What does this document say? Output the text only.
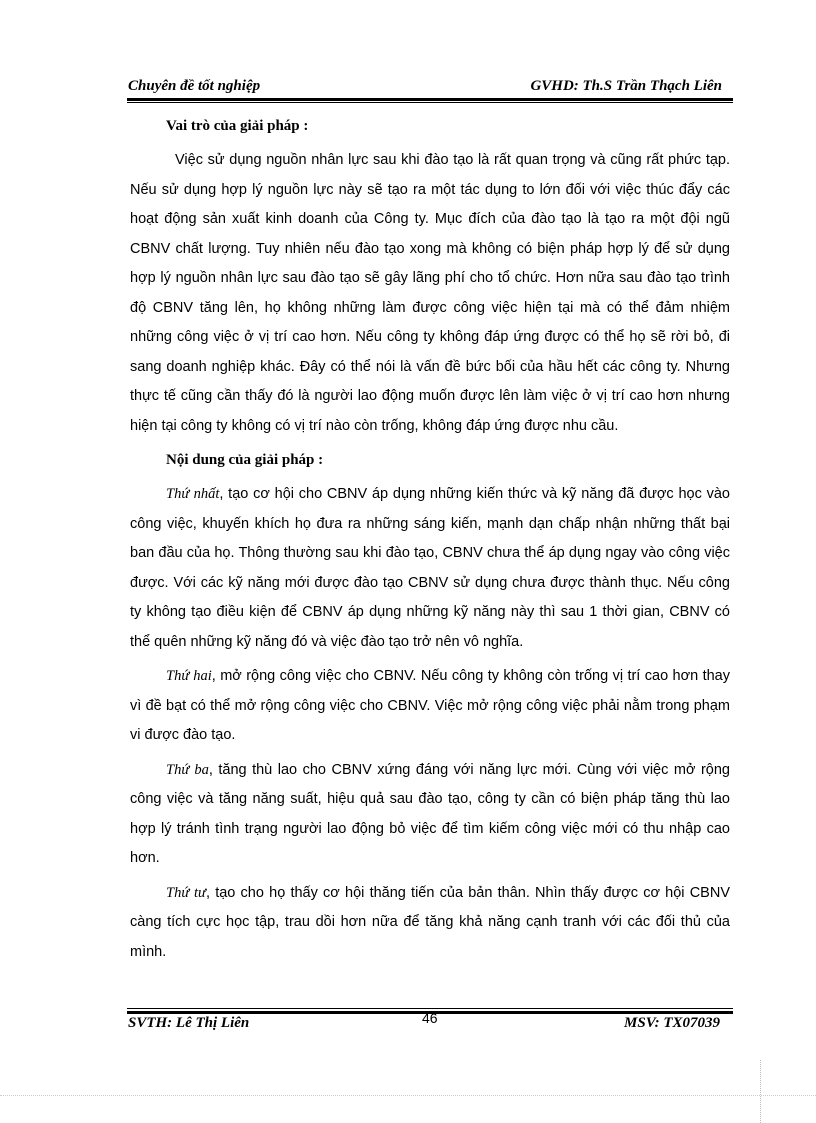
Chuyên đề tốt nghiệp	GVHD: Th.S Trần Thạch Liên
Vai trò của giải pháp :

Việc sử dụng nguồn nhân lực sau khi đào tạo là rất quan trọng và cũng rất phức tạp. Nếu sử dụng hợp lý nguồn lực này sẽ tạo ra một tác dụng to lớn đối với việc thúc đẩy các hoạt động sản xuất kinh doanh của Công ty. Mục đích của đào tạo là tạo ra một đội ngũ CBNV chất lượng. Tuy nhiên nếu đào tạo xong mà không có biện pháp hợp lý để sử dụng hợp lý nguồn nhân lực sau đào tạo sẽ gây lãng phí cho tổ chức. Hơn nữa sau đào tạo trình độ CBNV tăng lên, họ không những làm được công việc hiện tại mà có thể đảm nhiệm những công việc ở vị trí cao hơn. Nếu công ty không đáp ứng được có thể họ sẽ rời bỏ, đi sang doanh nghiệp khác. Đây có thể nói là vấn đề bức bối của hầu hết các công ty. Nhưng thực tế cũng cần thấy đó là người lao động muốn được lên làm việc ở vị trí cao hơn nhưng hiện tại công ty không có vị trí nào còn trống, không đáp ứng được nhu cầu.

Nội dung của giải pháp :

Thứ nhất, tạo cơ hội cho CBNV áp dụng những kiến thức và kỹ năng đã được học vào công việc, khuyến khích họ đưa ra những sáng kiến, mạnh dạn chấp nhận những thất bại ban đầu của họ. Thông thường sau khi đào tạo, CBNV chưa thể áp dụng ngay vào công việc được. Với các kỹ năng mới được đào tạo CBNV sử dụng chưa được thành thục. Nếu công ty không tạo điều kiện để CBNV áp dụng những kỹ năng này thì sau 1 thời gian, CBNV có thể quên những kỹ năng đó và việc đào tạo trở nên vô nghĩa.

Thứ hai, mở rộng công việc cho CBNV. Nếu công ty không còn trống vị trí cao hơn thay vì đề bạt có thể mở rộng công việc cho CBNV. Việc mở rộng công việc phải nằm trong phạm vi được đào tạo.

Thứ ba, tăng thù lao cho CBNV xứng đáng với năng lực mới. Cùng với việc mở rộng công việc và tăng năng suất, hiệu quả sau đào tạo, công ty cần có biện pháp tăng thù lao hợp lý tránh tình trạng người lao động bỏ việc để tìm kiếm công việc mới có thu nhập cao hơn.

Thứ tư, tạo cho họ thấy cơ hội thăng tiến của bản thân. Nhìn thấy được cơ hội CBNV càng tích cực học tập, trau dồi hơn nữa để tăng khả năng cạnh tranh với các đối thủ của mình.

SVTH: Lê Thị Liên	46	MSV: TX07039
